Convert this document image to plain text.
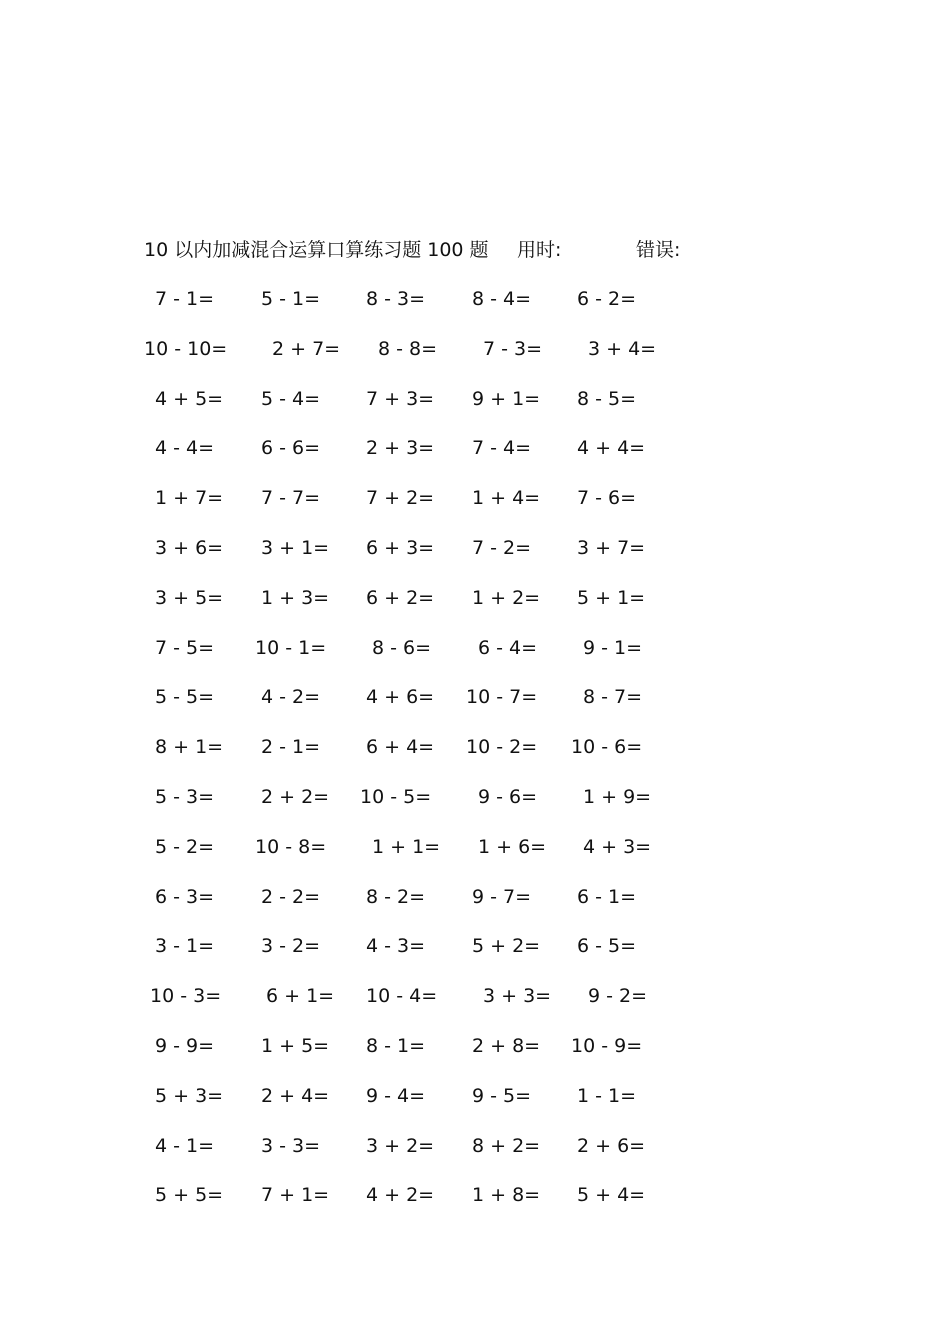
10 以内加减混合运算口算练习题 100 题 用时:	错误:
7 - 1= 5 - 1= 8 - 3= 8 - 4= 6 - 2=
10 - 10= 2 + 7= 8 - 8= 7 - 3= 3 + 4=
4 + 5= 5 - 4= 7 + 3= 9 + 1= 8 - 5=
4 - 4= 6 - 6= 2 + 3= 7 - 4= 4 + 4=
1 + 7= 7 - 7= 7 + 2= 1 + 4= 7 - 6=
3 + 6= 3 + 1= 6 + 3= 7 - 2= 3 + 7=
3 + 5= 1 + 3= 6 + 2= 1 + 2= 5 + 1=
7 - 5= 10 - 1= 8 - 6= 6 - 4= 9 - 1=
5 - 5= 4 - 2= 4 + 6= 10 - 7= 8 - 7=
8 + 1= 2 - 1= 6 + 4= 10 - 2= 10 - 6=
5 - 3= 2 + 2= 10 - 5= 9 - 6= 1 + 9=
5 - 2= 10 - 8= 1 + 1= 1 + 6= 4 + 3=
6 - 3= 2 - 2= 8 - 2= 9 - 7= 6 - 1=
3 - 1= 3 - 2= 4 - 3= 5 + 2= 6 - 5=
10 - 3= 6 + 1= 10 - 4= 3 + 3= 9 - 2=
9 - 9= 1 + 5= 8 - 1= 2 + 8= 10 - 9=
5 + 3= 2 + 4= 9 - 4= 9 - 5= 1 - 1=
4 - 1= 3 - 3= 3 + 2= 8 + 2= 2 + 6=
5 + 5= 7 + 1= 4 + 2= 1 + 8= 5 + 4=
